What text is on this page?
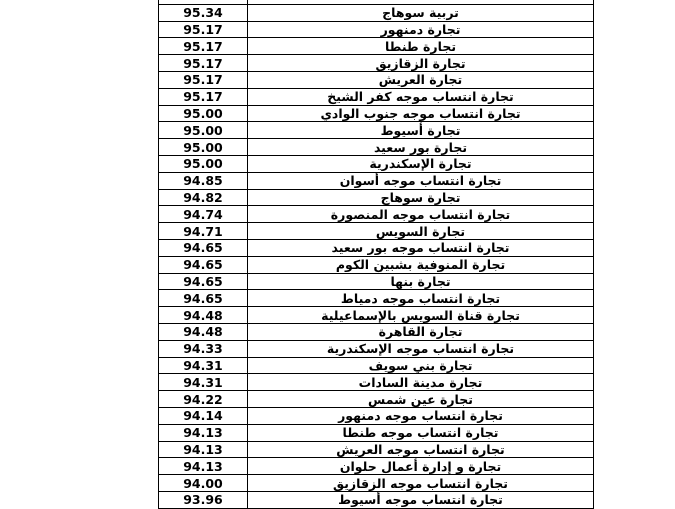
95.34	تربية سوهاج
95.17	تجارة دمنهور
95.17	تجارة طنطا
95.17	تجارة الزقازيق
95.17	تجارة العريش
95.17	تجارة انتساب موجه كفر الشيخ
95.00	تجارة انتساب موجه جنوب الوادي
95.00	تجارة أسيوط
95.00	تجارة بور سعيد
95.00	تجارة الإسكندرية
94.85	تجارة انتساب موجه أسوان
94.82	تجارة سوهاج
94.74	تجارة انتساب موجه المنصورة
94.71	تجارة السويس
94.65	تجارة انتساب موجه بور سعيد
94.65	تجارة المنوفية بشبين الكوم
94.65	تجارة بنها
94.65	تجارة انتساب موجه دمياط
94.48	تجارة قناة السويس بالإسماعيلية
94.48	تجارة القاهرة
94.33	تجارة انتساب موجه الإسكندرية
94.31	تجارة بني سويف
94.31	تجارة مدينة السادات
94.22	تجارة عين شمس
94.14	تجارة انتساب موجه دمنهور
94.13	تجارة انتساب موجه طنطا
94.13	تجارة انتساب موجه العريش
94.13	تجارة و إدارة أعمال حلوان
94.00	تجارة انتساب موجه الزقازيق
93.96	تجارة انتساب موجه أسيوط
